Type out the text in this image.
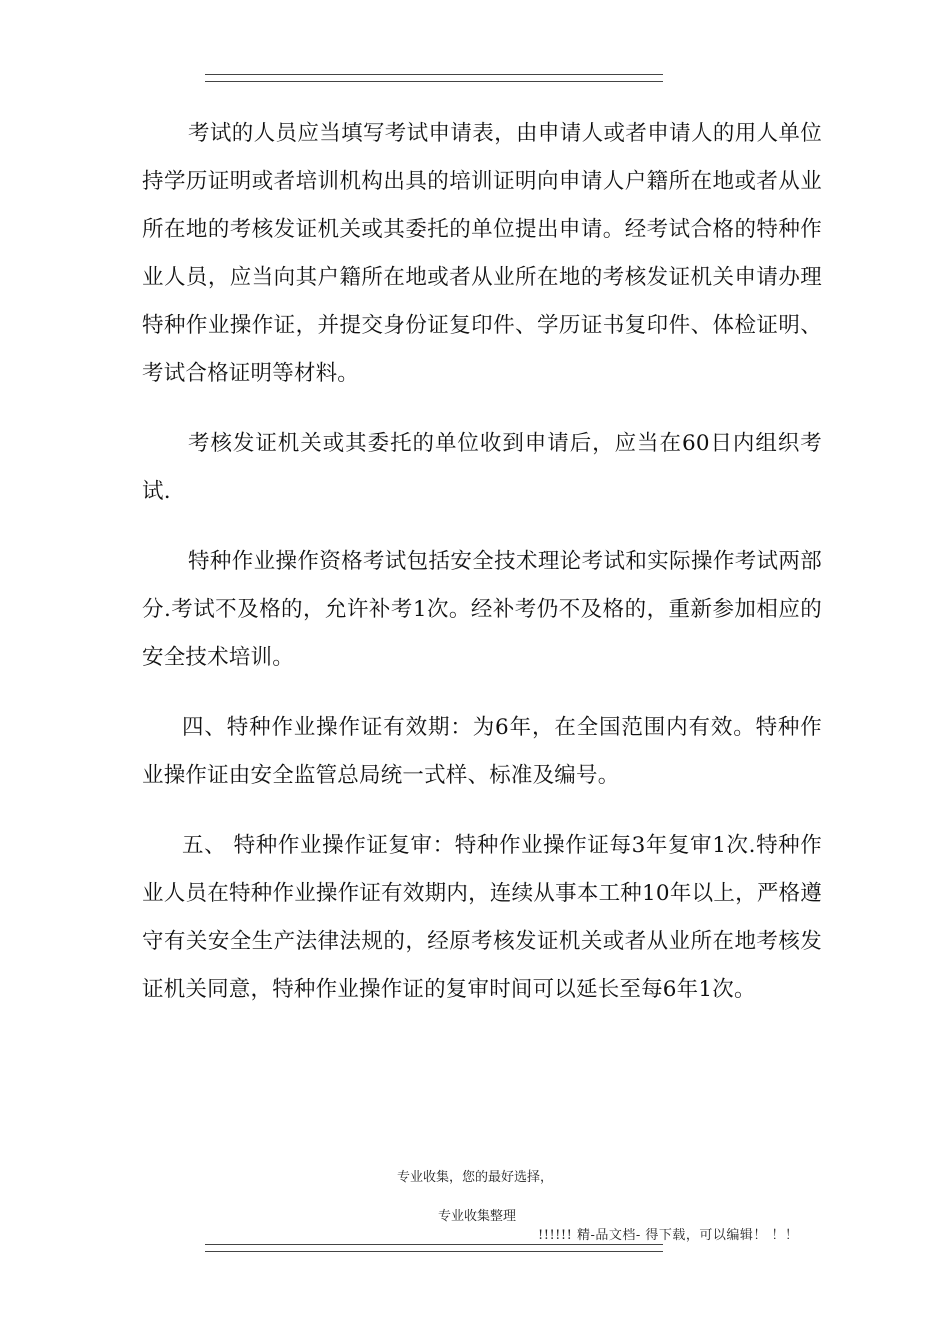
考试的人员应当填写考试申请表，由申请人或者申请人的用人单位持学历证明或者培训机构出具的培训证明向申请人户籍所在地或者从业所在地的考核发证机关或其委托的单位提出申请。经考试合格的特种作业人员，应当向其户籍所在地或者从业所在地的考核发证机关申请办理特种作业操作证，并提交身份证复印件、学历证书复印件、体检证明、考试合格证明等材料。

考核发证机关或其委托的单位收到申请后，应当在60日内组织考试.

特种作业操作资格考试包括安全技术理论考试和实际操作考试两部分.考试不及格的，允许补考1次。经补考仍不及格的，重新参加相应的安全技术培训。

四、特种作业操作证有效期：为6年，在全国范围内有效。特种作业操作证由安全监管总局统一式样、标准及编号。

五、 特种作业操作证复审：特种作业操作证每3年复审1次.特种作业人员在特种作业操作证有效期内，连续从事本工种10年以上，严格遵守有关安全生产法律法规的，经原考核发证机关或者从业所在地考核发证机关同意，特种作业操作证的复审时间可以延长至每6年1次。

专业收集，您的最好选择，
专业收集整理
!!!!!! 精-品文档- 得下载，可以编辑！ ！！
